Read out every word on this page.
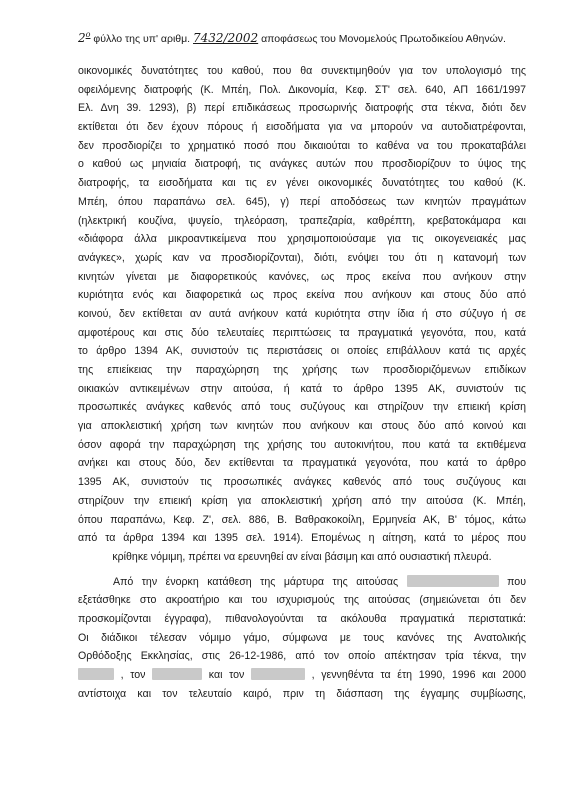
$2^o$ φύλλο της υπ' αριθμ. 7432/2002 αποφάσεως του Μονομελούς Πρωτοδικείου Αθηνών.
οικονομικές δυνατότητες του καθού, που θα συνεκτιμηθούν για τον υπολογισμό της
οφειλόμενης διατροφής (Κ. Μπέη, Πολ. Δικονομία, Κεφ. ΣΤ' σελ. 640, ΑΠ 1661/1997
Ελ. Δνη 39. 1293), β) περί επιδικάσεως προσωρινής διατροφής στα τέκνα, διότι δεν
εκτίθεται ότι δεν έχουν πόρους ή εισοδήματα για να μπορούν να αυτοδιατρέφονται,
δεν προσδιορίζει το χρηματικό ποσό που δικαιούται το καθένα να του προκαταβάλει
ο καθού ως μηνιαία διατροφή, τις ανάγκες αυτών που προσδιορίζουν το ύψος της
διατροφής, τα εισοδήματα και τις εν γένει οικονομικές δυνατότητες του καθού (Κ.
Μπέη, όπου παραπάνω σελ. 645), γ) περί αποδόσεως των κινητών πραγμάτων
(ηλεκτρική κουζίνα, ψυγείο, τηλεόραση, τραπεζαρία, καθρέπτη, κρεβατοκάμαρα και
«διάφορα άλλα μικροαντικείμενα που χρησιμοποιούσαμε για τις οικογενειακές μας
ανάγκες», χωρίς καν να προσδιορίζονται), διότι, ενόψει του ότι η κατανομή των
κινητών γίνεται με διαφορετικούς κανόνες, ως προς εκείνα που ανήκουν στην
κυριότητα ενός και διαφορετικά ως προς εκείνα που ανήκουν και στους δύο από
κοινού, δεν εκτίθεται αν αυτά ανήκουν κατά κυριότητα στην ίδια ή στο σύζυγο ή σε
αμφοτέρους και στις δύο τελευταίες περιπτώσεις τα πραγματικά γεγονότα, που, κατά
το άρθρο 1394 ΑΚ, συνιστούν τις περιστάσεις οι οποίες επιβάλλουν κατά τις αρχές
της επιείκειας την παραχώρηση της χρήσης των προσδιοριζόμενων επιδίκων
οικιακών αντικειμένων στην αιτούσα, ή κατά το άρθρο 1395 ΑΚ, συνιστούν τις
προσωπικές ανάγκες καθενός από τους συζύγους και στηρίζουν την επιεική κρίση
για αποκλειστική χρήση των κινητών που ανήκουν και στους δύο από κοινού και
όσον αφορά την παραχώρηση της χρήσης του αυτοκινήτου, που κατά τα εκτιθέμενα
ανήκει και στους δύο, δεν εκτίθενται τα πραγματικά γεγονότα, που κατά το άρθρο
1395 ΑΚ, συνιστούν τις προσωπικές ανάγκες καθενός από τους συζύγους και
στηρίζουν την επιεική κρίση για αποκλειστική χρήση από την αιτούσα (Κ. Μπέη,
όπου παραπάνω, Κεφ. Ζ', σελ. 886, Β. Βαθρακοκοίλη, Ερμηνεία ΑΚ, Β' τόμος, κάτω
από τα άρθρα 1394 και 1395 σελ. 1914). Επομένως η αίτηση, κατά το μέρος που
κρίθηκε νόμιμη, πρέπει να ερευνηθεί αν είναι βάσιμη και από ουσιαστική πλευρά.
Από την ένορκη κατάθεση της μάρτυρα της αιτούσας	που
εξετάσθηκε στο ακροατήριο και του ισχυρισμούς της αιτούσας (σημειώνεται ότι δεν
προσκομίζονται έγγραφα), πιθανολογούνται τα ακόλουθα πραγματικά περιστατικά:
Οι διάδικοι τέλεσαν νόμιμο γάμο, σύμφωνα με τους κανόνες της Ανατολικής
Ορθόδοξης Εκκλησίας, στις 26-12-1986, από τον οποίο απέκτησαν τρία τέκνα, την
, τον	και τον	, γεννηθέντα τα έτη 1990, 1996 και 2000
αντίστοιχα και τον τελευταίο καιρό, πριν τη διάσπαση της έγγαμης συμβίωσης,
